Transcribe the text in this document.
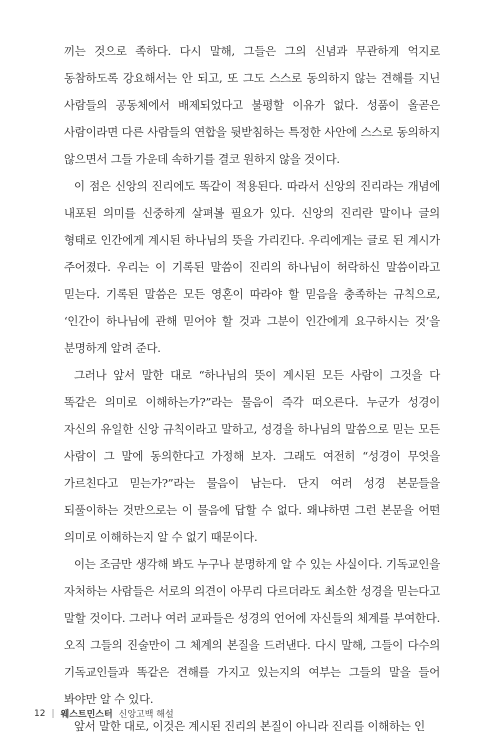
끼는 것으로 족하다. 다시 말해, 그들은 그의 신념과 무관하게 억지로 동참하도록 강요해서는 안 되고, 또 그도 스스로 동의하지 않는 견해를 지닌 사람들의 공동체에서 배제되었다고 불평할 이유가 없다. 성품이 올곧은 사람이라면 다른 사람들의 연합을 뒷받침하는 특정한 사안에 스스로 동의하지 않으면서 그들 가운데 속하기를 결코 원하지 않을 것이다.

이 점은 신앙의 진리에도 똑같이 적용된다. 따라서 신앙의 진리라는 개념에 내포된 의미를 신중하게 살펴볼 필요가 있다. 신앙의 진리란 말이나 글의 형태로 인간에게 계시된 하나님의 뜻을 가리킨다. 우리에게는 글로 된 계시가 주어졌다. 우리는 이 기록된 말씀이 진리의 하나님이 허락하신 말씀이라고 믿는다. 기록된 말씀은 모든 영혼이 따라야 할 믿음을 충족하는 규칙으로, ‘인간이 하나님에 관해 믿어야 할 것과 그분이 인간에게 요구하시는 것’을 분명하게 알려 준다.

그러나 앞서 말한 대로 “하나님의 뜻이 계시된 모든 사람이 그것을 다 똑같은 의미로 이해하는가?”라는 물음이 즉각 떠오른다. 누군가 성경이 자신의 유일한 신앙 규칙이라고 말하고, 성경을 하나님의 말씀으로 믿는 모든 사람이 그 말에 동의한다고 가정해 보자. 그래도 여전히 “성경이 무엇을 가르친다고 믿는가?”라는 물음이 남는다. 단지 여러 성경 본문들을 되풀이하는 것만으로는 이 물음에 답할 수 없다. 왜냐하면 그런 본문을 어떤 의미로 이해하는지 알 수 없기 때문이다.

이는 조금만 생각해 봐도 누구나 분명하게 알 수 있는 사실이다. 기독교인을 자처하는 사람들은 서로의 의견이 아무리 다르더라도 최소한 성경을 믿는다고 말할 것이다. 그러나 여러 교파들은 성경의 언어에 자신들의 체계를 부여한다. 오직 그들의 진술만이 그 체계의 본질을 드러낸다. 다시 말해, 그들이 다수의 기독교인들과 똑같은 견해를 가지고 있는지의 여부는 그들의 말을 들어 봐야만 알 수 있다.

앞서 말한 대로, 이것은 계시된 진리의 본질이 아니라 진리를 이해하는 인

12 | 웨스트민스터 신앙고백 해설
